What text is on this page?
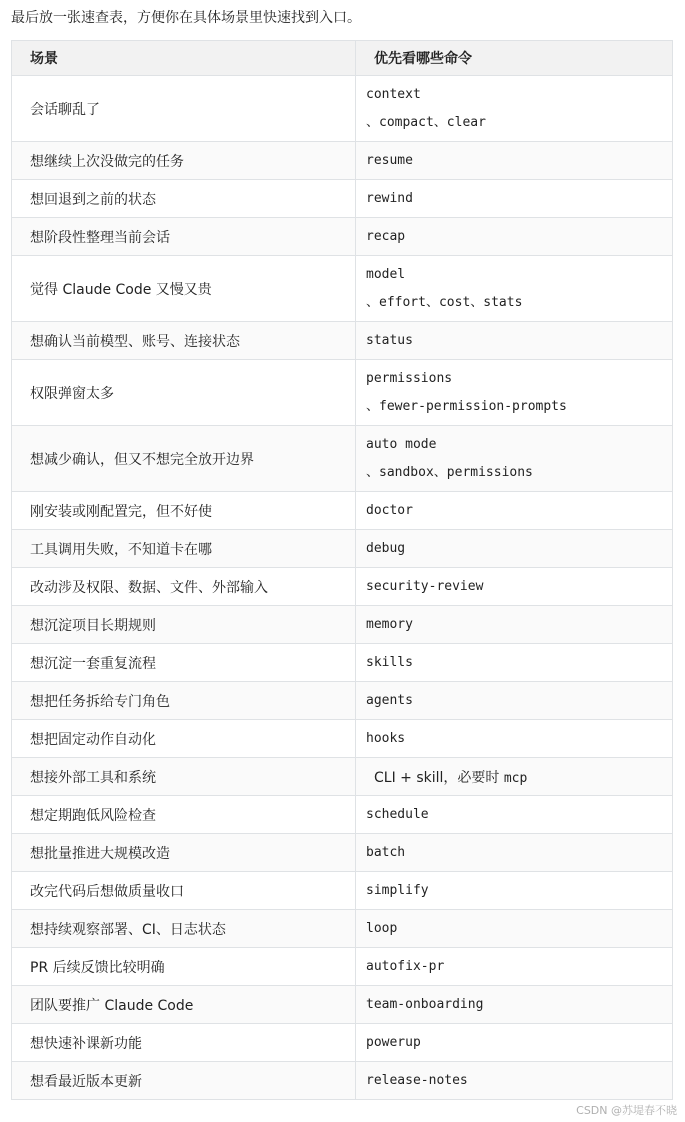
最后放一张速查表，方便你在具体场景里快速找到入口。
场景	优先看哪些命令
会话聊乱了	context
、compact、clear

想继续上次没做完的任务	resume
想回退到之前的状态	rewind
想阶段性整理当前会话	recap
觉得 Claude Code 又慢又贵	model
、effort、cost、stats

想确认当前模型、账号、连接状态	status
权限弹窗太多	permissions
、fewer-permission-prompts

想减少确认，但又不想完全放开边界	auto mode
、sandbox、permissions

刚安装或刚配置完，但不好使	doctor
工具调用失败，不知道卡在哪	debug
改动涉及权限、数据、文件、外部输入	security-review
想沉淀项目长期规则	memory
想沉淀一套重复流程	skills
想把任务拆给专门角色	agents
想把固定动作自动化	hooks
想接外部工具和系统	CLI + skill，必要时 mcp
想定期跑低风险检查	schedule
想批量推进大规模改造	batch
改完代码后想做质量收口	simplify
想持续观察部署、CI、日志状态	loop
PR 后续反馈比较明确	autofix-pr
团队要推广 Claude Code	team-onboarding
想快速补课新功能	powerup
想看最近版本更新	release-notes
CSDN @苏堤春不晓
